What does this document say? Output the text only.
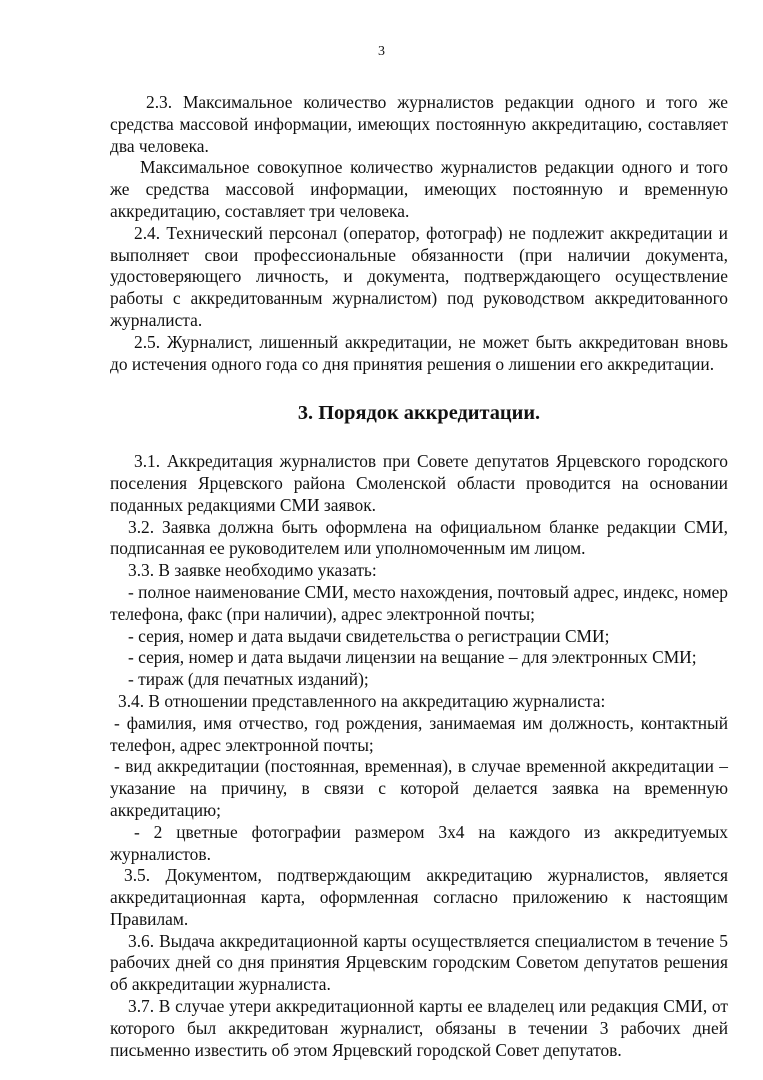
3

2.3. Максимальное количество журналистов редакции одного и того же средства массовой информации, имеющих постоянную аккредитацию, составляет два человека.

Максимальное совокупное количество журналистов редакции одного и того же средства массовой информации, имеющих постоянную и временную аккредитацию, составляет три человека.

2.4. Технический персонал (оператор, фотограф) не подлежит аккредитации и выполняет свои профессиональные обязанности (при наличии документа, удостоверяющего личность, и документа, подтверждающего осуществление работы с аккредитованным журналистом) под руководством аккредитованного журналиста.

2.5. Журналист, лишенный аккредитации, не может быть аккредитован вновь до истечения одного года со дня принятия решения о лишении его аккредитации.

3. Порядок аккредитации.

3.1. Аккредитация журналистов при Совете депутатов Ярцевского городского поселения Ярцевского района Смоленской области проводится на основании поданных редакциями СМИ заявок.

3.2. Заявка должна быть оформлена на официальном бланке редакции СМИ, подписанная ее руководителем или уполномоченным им лицом.

3.3. В заявке необходимо указать:

- полное наименование СМИ, место нахождения, почтовый адрес, индекс, номер телефона, факс (при наличии), адрес электронной почты;

- серия, номер и дата выдачи свидетельства о регистрации СМИ;

- серия, номер и дата выдачи лицензии на вещание – для электронных СМИ;

- тираж (для печатных изданий);

3.4. В отношении представленного на аккредитацию журналиста:

- фамилия, имя отчество, год рождения, занимаемая им должность, контактный телефон, адрес электронной почты;

- вид аккредитации (постоянная, временная), в случае временной аккредитации –указание на причину, в связи с которой делается заявка на временную аккредитацию;

- 2 цветные фотографии размером 3x4 на каждого из аккредитуемых журналистов.

3.5. Документом, подтверждающим аккредитацию журналистов, является аккредитационная карта, оформленная согласно приложению к настоящим Правилам.

3.6. Выдача аккредитационной карты осуществляется специалистом в течение 5 рабочих дней со дня принятия Ярцевским городским Советом депутатов решения об аккредитации журналиста.

3.7. В случае утери аккредитационной карты ее владелец или редакция СМИ, от которого был аккредитован журналист, обязаны в течении 3 рабочих дней письменно известить об этом Ярцевский городской Совет депутатов.
